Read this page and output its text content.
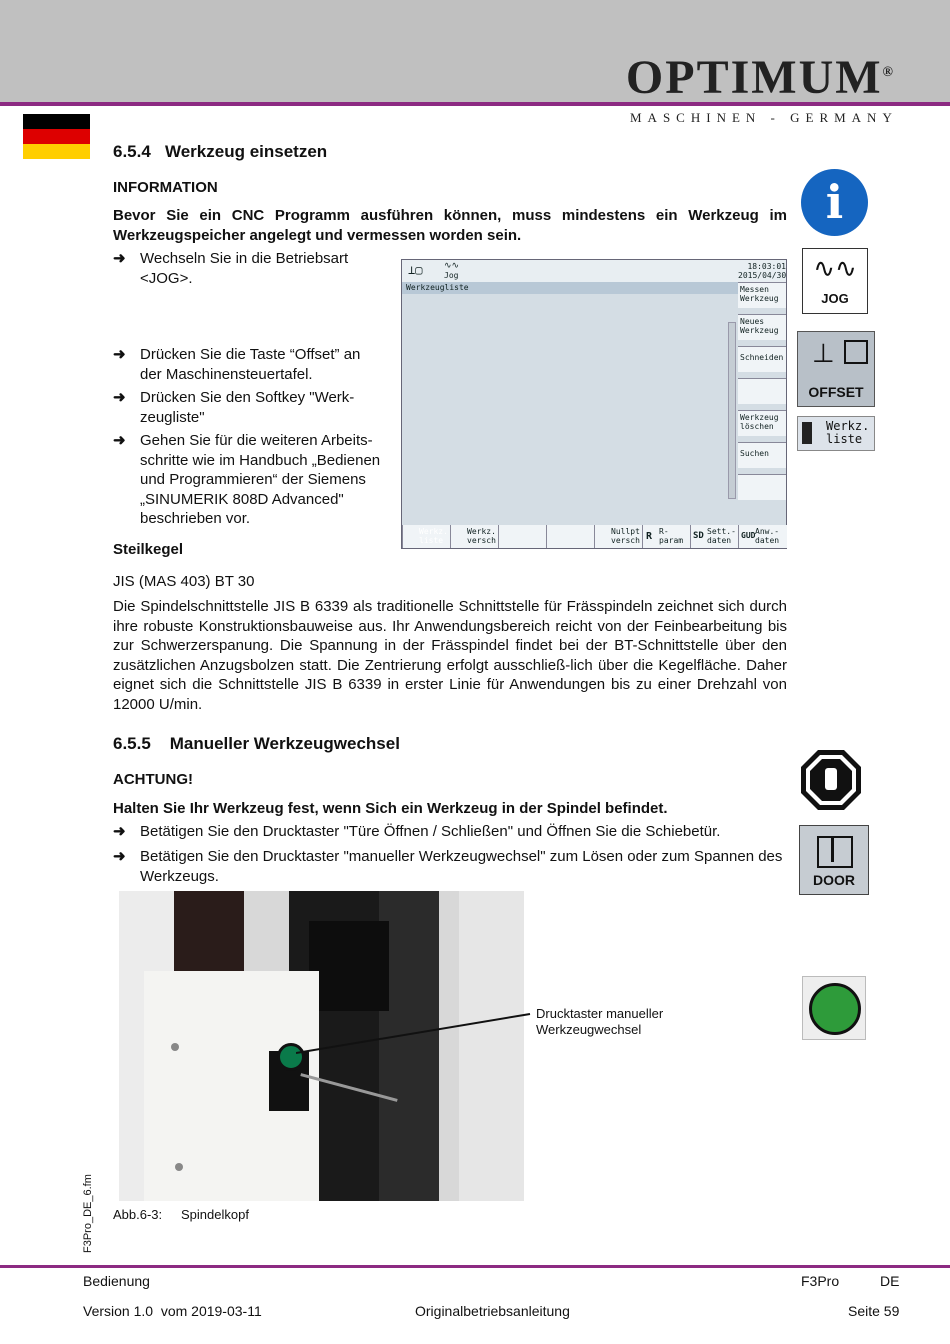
OPTIMUM®
MASCHINEN - GERMANY
6.5.4 Werkzeug einsetzen
INFORMATION
Bevor Sie ein CNC Programm ausführen können, muss mindestens ein Werkzeug im Werkzeugspeicher angelegt und vermessen worden sein.
➜ Wechseln Sie in die Betriebsart <JOG>.
➜ Drücken Sie die Taste “Offset” an der Maschinensteuertafel.
➜ Drücken Sie den Softkey "Werk-zeugliste"
➜ Gehen Sie für die weiteren Arbeits-schritte wie im Handbuch „Bedienen und Programmieren“ der Siemens „SINUMERIK 808D Advanced" beschrieben vor.
Steilkegel
JIS (MAS 403) BT 30
Die Spindelschnittstelle JIS B 6339 als traditionelle Schnittstelle für Frässpindeln zeichnet sich durch ihre robuste Konstruktionsbauweise aus. Ihr Anwendungsbereich reicht von der Feinbearbeitung bis zur Schwerzerspanung. Die Spannung in der Frässpindel findet bei der BT-Schnittstelle über den zusätzlichen Anzugsbolzen statt. Die Zentrierung erfolgt ausschließ-lich über die Kegelfläche. Daher eignet sich die Schnittstelle JIS B 6339 in erster Linie für Anwendungen bis zu einer Drehzahl von 12000 U/min.
⊥▢ ∿∿
Jog
18:03:01
2015/04/30
Werkzeugliste	Messen Werkzeug
Neues Werkzeug
Schneiden
Werkzeug löschen
Suchen
Werkz. liste
Werkz. versch
Nullpt versch R R-param	SD Sett.-daten
GUD Anw.-daten
i
∿∿
JOG
⊥
OFFSET
Werkz. liste
6.5.5 Manueller Werkzeugwechsel
ACHTUNG!
Halten Sie Ihr Werkzeug fest, wenn Sich ein Werkzeug in der Spindel befindet.
➜ Betätigen Sie den Drucktaster "Türe Öffnen / Schließen" und Öffnen Sie die Schiebetür.
➜ Betätigen Sie den Drucktaster "manueller Werkzeugwechsel" zum Lösen oder zum Spannen des Werkzeugs.	DOOR
Drucktaster manueller Werkzeugwechsel
Abb.6-3: Spindelkopf
F3Pro_DE_6.fm
Bedienung	F3Pro	DE
Version 1.0  vom 2019-03-11	Originalbetriebsanleitung	Seite 59
